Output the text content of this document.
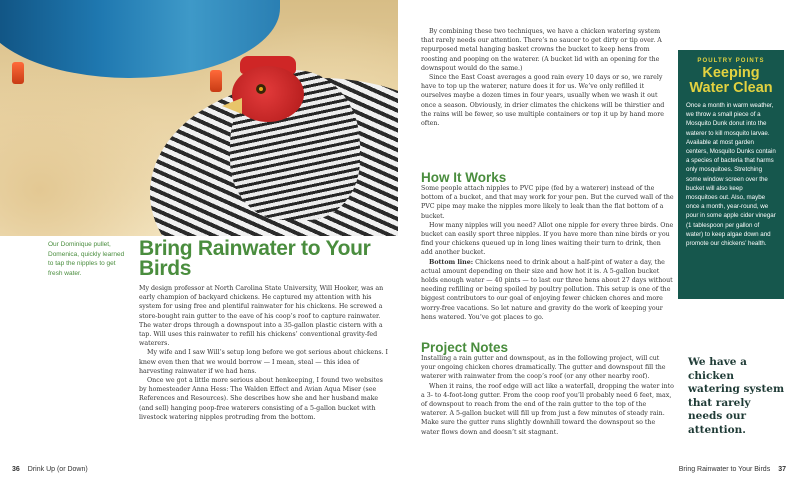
Our Dominique pullet, Domenica, quickly learned to tap the nipples to get fresh water.
Bring Rainwater to Your Birds

My design professor at North Carolina State University, Will Hooker, was an early champion of backyard chickens. He captured my attention with his system for using free and plentiful rainwater for his chickens. He screwed a store-bought rain gutter to the eave of his coop’s roof to capture rainwater. The water drops through a downspout into a 35-gallon plastic cistern with a tap. Will uses this rainwater to refill his chickens’ conventional gravity-fed waterers.

My wife and I saw Will’s setup long before we got serious about chickens. I knew even then that we would borrow — I mean, steal — this idea of harvesting rainwater if we had hens.

Once we got a little more serious about henkeeping, I found two websites by homesteader Anna Hess: The Walden Effect and Avian Aqua Miser (see References and Resources). She describes how she and her husband make (and sell) hanging poop-free waterers consisting of a 5-gallon bucket with livestock watering nipples protruding from the bottom.

By combining these two techniques, we have a chicken watering system that rarely needs our attention. There’s no saucer to get dirty or tip over. A repurposed metal hanging basket crowns the bucket to keep hens from roosting and pooping on the waterer. (A bucket lid with an opening for the downspout would do the same.)

Since the East Coast averages a good rain every 10 days or so, we rarely have to top up the waterer, nature does it for us. We’ve only refilled it ourselves maybe a dozen times in four years, usually when we wash it out once a season. Obviously, in drier climates the chickens will be thirstier and the rains will be fewer, so use multiple containers or top it up by hand more often.

How It Works

Some people attach nipples to PVC pipe (fed by a waterer) instead of the bottom of a bucket, and that may work for your pen. But the curved wall of the PVC pipe may make the nipples more likely to leak than the flat bottom of a bucket.

How many nipples will you need? Allot one nipple for every three birds. One bucket can easily sport three nipples. If you have more than nine birds or you find your chickens queued up in long lines waiting their turn to drink, then add another bucket.

Bottom line: Chickens need to drink about a half-pint of water a day, the actual amount depending on their size and how hot it is. A 5-gallon bucket holds enough water — 40 pints — to last our three hens about 27 days without needing refilling or being spoiled by poultry pollution. This setup is one of the biggest contributors to our goal of enjoying fewer chicken chores and more worry-free vacations. So let nature and gravity do the work of keeping your hens watered. You’ve got places to go.

Project Notes

Installing a rain gutter and downspout, as in the following project, will cut your ongoing chicken chores dramatically. The gutter and downspout fill the waterer with rainwater from the coop’s roof (or any other nearby roof).

When it rains, the roof edge will act like a waterfall, dropping the water into a 3- to 4-foot-long gutter. From the coop roof you’ll probably need 6 feet, max, of downspout to reach from the end of the rain gutter to the top of the waterer. A 5-gallon bucket will fill up from just a few minutes of steady rain. Make sure the gutter runs slightly downhill toward the downspout so the water flows down and doesn’t sit stagnant.

POULTRY POINTS
Keeping Water Clean
Once a month in warm weather, we throw a small piece of a Mosquito Dunk donut into the waterer to kill mosquito larvae. Available at most garden centers, Mosquito Dunks contain a species of bacteria that harms only mosquitoes. Stretching some window screen over the bucket will also keep mosquitoes out. Also, maybe once a month, year-round, we pour in some apple cider vinegar (1 tablespoon per gallon of water) to keep algae down and promote our chickens’ health.
We have a chicken watering system that rarely needs our attention.
36 Drink Up (or Down)	Bring Rainwater to Your Birds 37
